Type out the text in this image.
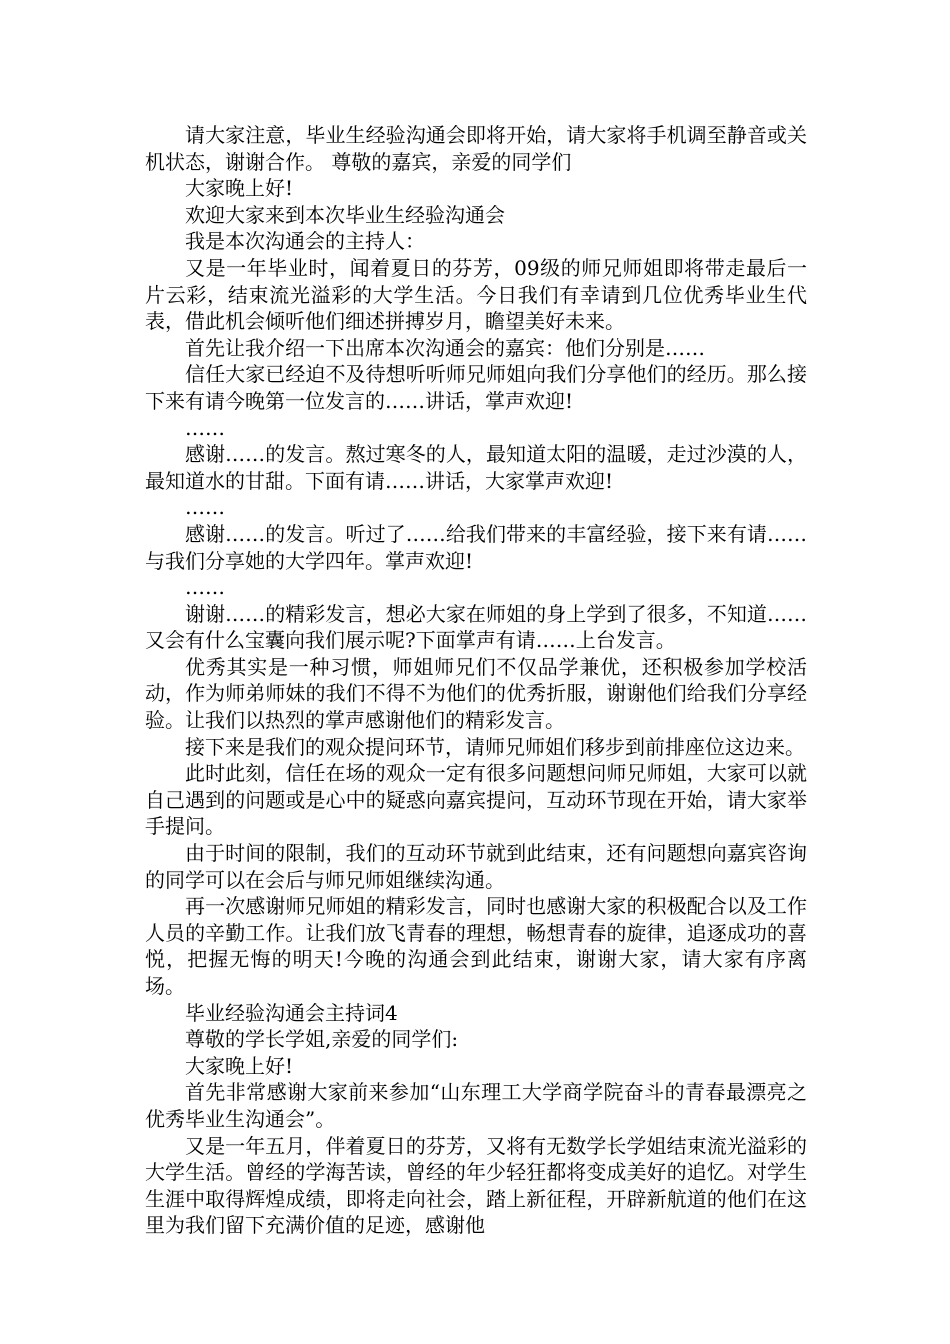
请大家注意，毕业生经验沟通会即将开始，请大家将手机调至静音或关机状态，谢谢合作。 尊敬的嘉宾，亲爱的同学们

大家晚上好!

欢迎大家来到本次毕业生经验沟通会

我是本次沟通会的主持人：

又是一年毕业时，闻着夏日的芬芳，09级的师兄师姐即将带走最后一片云彩，结束流光溢彩的大学生活。今日我们有幸请到几位优秀毕业生代表，借此机会倾听他们细述拼搏岁月，瞻望美好未来。

首先让我介绍一下出席本次沟通会的嘉宾：他们分别是……

信任大家已经迫不及待想听听师兄师姐向我们分享他们的经历。那么接下来有请今晚第一位发言的……讲话，掌声欢迎!

……

感谢……的发言。熬过寒冬的人，最知道太阳的温暖，走过沙漠的人，最知道水的甘甜。下面有请……讲话，大家掌声欢迎!

……

感谢……的发言。听过了……给我们带来的丰富经验，接下来有请……与我们分享她的大学四年。掌声欢迎!

……

谢谢……的精彩发言，想必大家在师姐的身上学到了很多，不知道……又会有什么宝囊向我们展示呢?下面掌声有请……上台发言。

优秀其实是一种习惯，师姐师兄们不仅品学兼优，还积极参加学校活动，作为师弟师妹的我们不得不为他们的优秀折服，谢谢他们给我们分享经验。让我们以热烈的掌声感谢他们的精彩发言。

接下来是我们的观众提问环节，请师兄师姐们移步到前排座位这边来。

此时此刻，信任在场的观众一定有很多问题想问师兄师姐，大家可以就自己遇到的问题或是心中的疑惑向嘉宾提问，互动环节现在开始，请大家举手提问。

由于时间的限制，我们的互动环节就到此结束，还有问题想向嘉宾咨询的同学可以在会后与师兄师姐继续沟通。

再一次感谢师兄师姐的精彩发言，同时也感谢大家的积极配合以及工作人员的辛勤工作。让我们放飞青春的理想，畅想青春的旋律，追逐成功的喜悦，把握无悔的明天!今晚的沟通会到此结束，谢谢大家，请大家有序离场。

毕业经验沟通会主持词4

尊敬的学长学姐,亲爱的同学们:

大家晚上好!

首先非常感谢大家前来参加“山东理工大学商学院奋斗的青春最漂亮之优秀毕业生沟通会”。

又是一年五月，伴着夏日的芬芳，又将有无数学长学姐结束流光溢彩的大学生活。曾经的学海苦读，曾经的年少轻狂都将变成美好的追忆。对学生生涯中取得辉煌成绩，即将走向社会，踏上新征程，开辟新航道的他们在这里为我们留下充满价值的足迹，感谢他
